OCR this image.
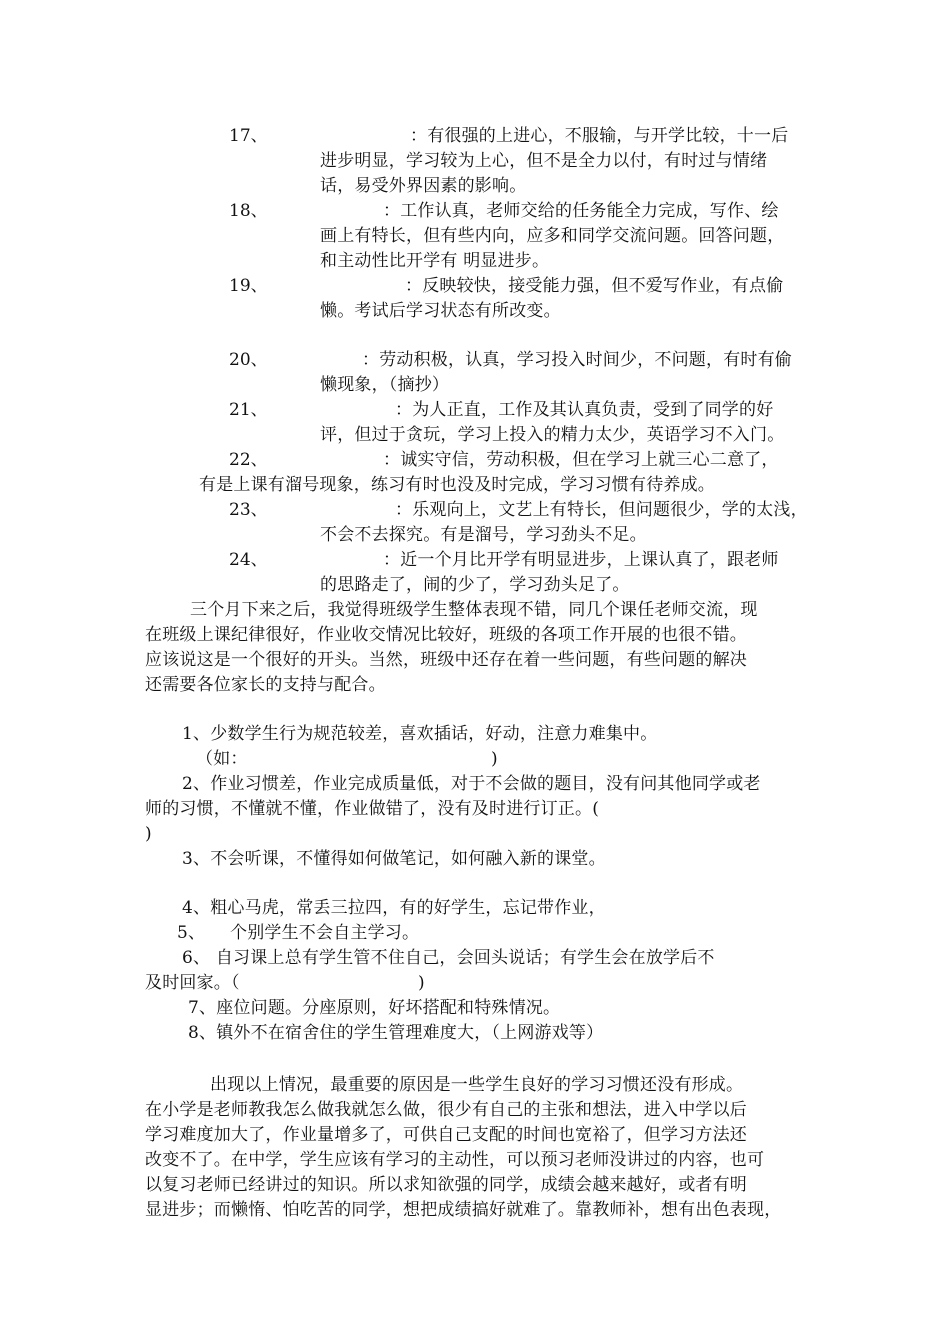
17、	：有很强的上进心，不服输，与开学比较，十一后
进步明显，学习较为上心，但不是全力以付，有时过与情绪
话，易受外界因素的影响。
18、	：工作认真，老师交给的任务能全力完成，写作、绘
画上有特长，但有些内向，应多和同学交流问题。回答问题，
和主动性比开学有 明显进步。
19、	：反映较快，接受能力强，但不爱写作业，有点偷
懒。考试后学习状态有所改变。
20、	：劳动积极，认真，学习投入时间少，不问题，有时有偷
懒现象，（摘抄）
21、	：为人正直，工作及其认真负责，受到了同学的好
评，但过于贪玩，学习上投入的精力太少，英语学习不入门。
22、	：诚实守信，劳动积极，但在学习上就三心二意了，
有是上课有溜号现象，练习有时也没及时完成，学习习惯有待养成。
23、	：乐观向上，文艺上有特长，但问题很少，学的太浅，
不会不去探究。有是溜号，学习劲头不足。
24、	：近一个月比开学有明显进步，上课认真了，跟老师
的思路走了，闹的少了，学习劲头足了。
三个月下来之后，我觉得班级学生整体表现不错，同几个课任老师交流，现
在班级上课纪律很好，作业收交情况比较好，班级的各项工作开展的也很不错。
应该说这是一个很好的开头。当然，班级中还存在着一些问题，有些问题的解决
还需要各位家长的支持与配合。
1、少数学生行为规范较差，喜欢插话，好动，注意力难集中。
（如：	)
2、作业习惯差，作业完成质量低，对于不会做的题目，没有问其他同学或老
师的习惯，不懂就不懂，作业做错了，没有及时进行订正。(
)
3、不会听课，不懂得如何做笔记，如何融入新的课堂。
4、粗心马虎，常丢三拉四，有的好学生，忘记带作业，
5、 个别学生不会自主学习。
6、 自习课上总有学生管不住自己，会回头说话；有学生会在放学后不
及时回家。（	)
7、座位问题。分座原则，好坏搭配和特殊情况。
8、镇外不在宿舍住的学生管理难度大，（上网游戏等）
出现以上情况，最重要的原因是一些学生良好的学习习惯还没有形成。
在小学是老师教我怎么做我就怎么做，很少有自己的主张和想法，进入中学以后
学习难度加大了，作业量增多了，可供自己支配的时间也宽裕了，但学习方法还
改变不了。在中学，学生应该有学习的主动性，可以预习老师没讲过的内容，也可
以复习老师已经讲过的知识。所以求知欲强的同学，成绩会越来越好，或者有明
显进步；而懒惰、怕吃苦的同学，想把成绩搞好就难了。靠教师补，想有出色表现，
